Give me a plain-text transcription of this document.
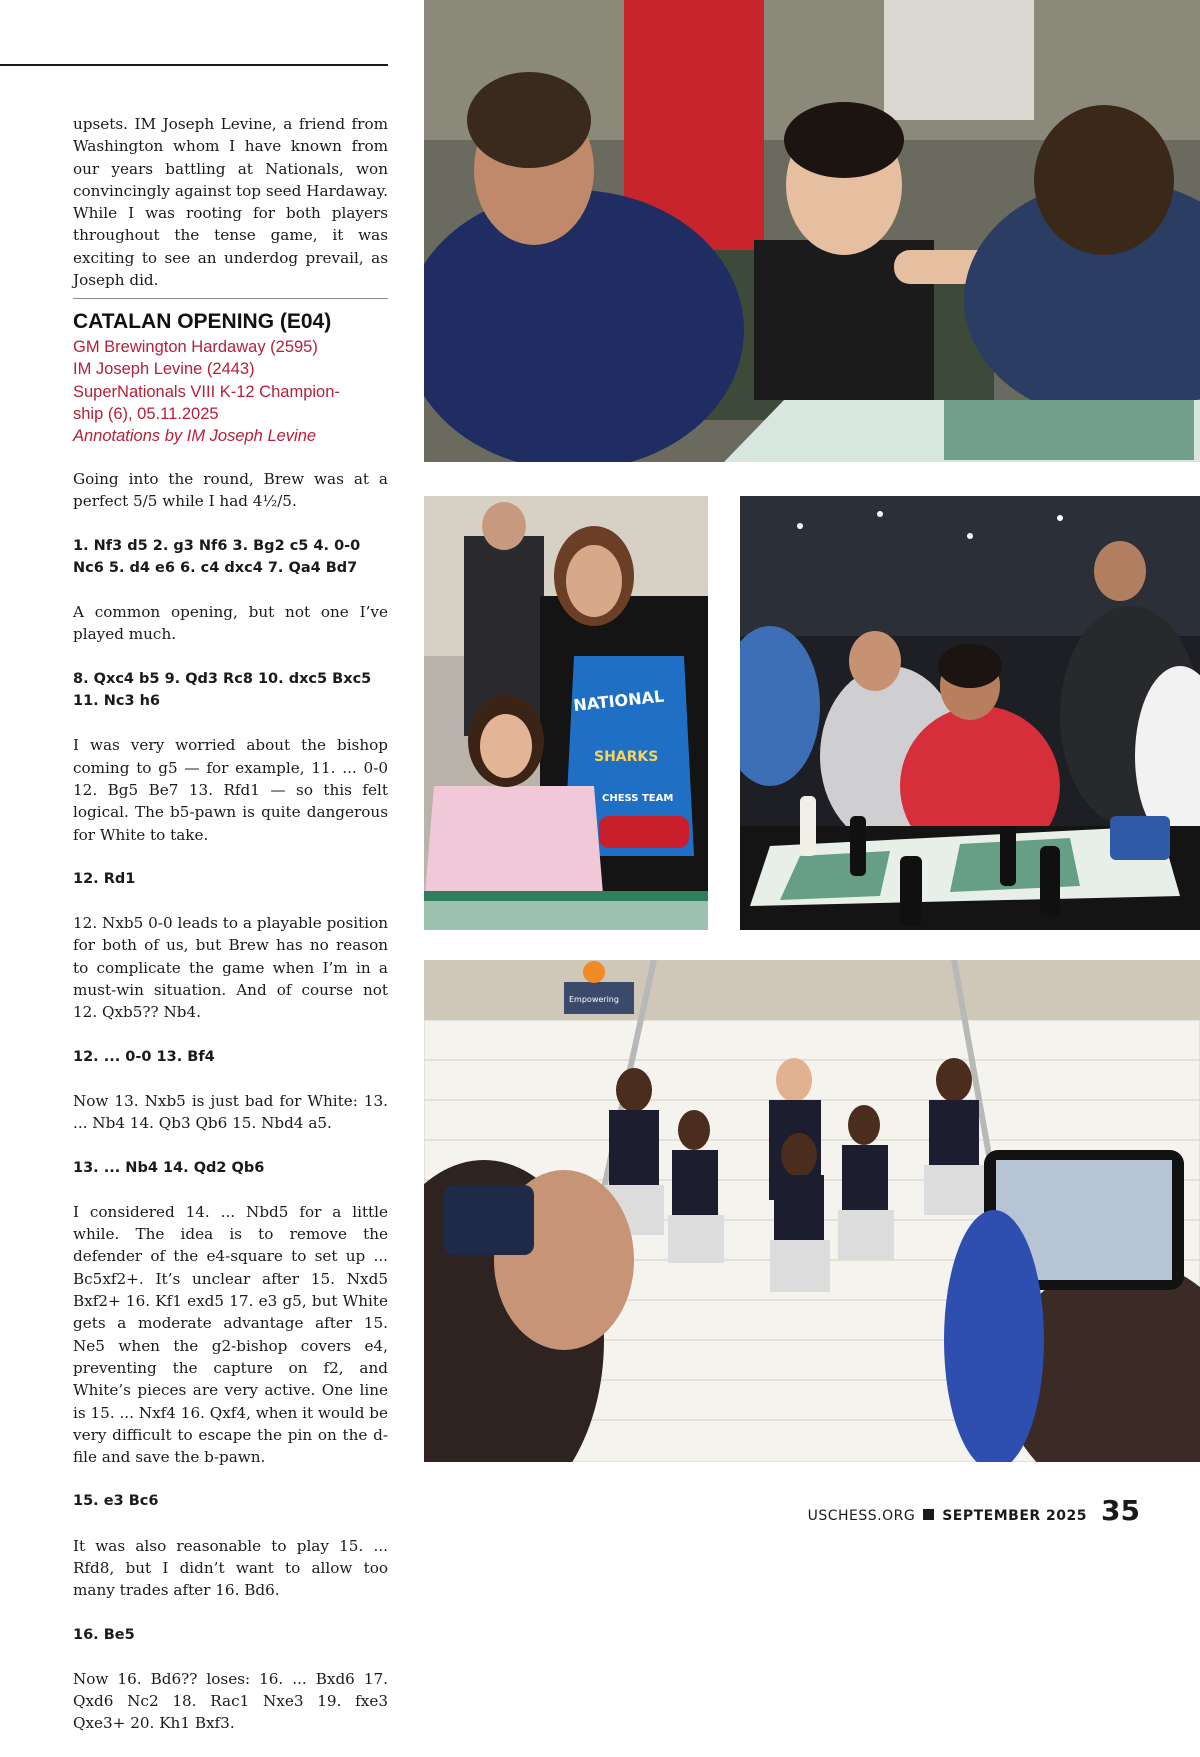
upsets. IM Joseph Levine, a friend from Washington whom I have known from our years battling at Nationals, won convincingly against top seed Hardaway. While I was rooting for both players throughout the tense game, it was exciting to see an underdog prevail, as Joseph did.

CATALAN OPENING (E04)

GM Brewington Hardaway (2595)

IM Joseph Levine (2443)

SuperNationals VIII K-12 Champion-

ship (6), 05.11.2025

Annotations by IM Joseph Levine

Going into the round, Brew was at a perfect 5/5 while I had 4½/5.

1. Nf3 d5 2. g3 Nf6 3. Bg2 c5 4. 0-0 Nc6 5. d4 e6 6. c4 dxc4 7. Qa4 Bd7

A common opening, but not one I’ve played much.

8. Qxc4 b5 9. Qd3 Rc8 10. dxc5 Bxc5 11. Nc3 h6

I was very worried about the bishop coming to g5 — for example, 11. ... 0-0 12. Bg5 Be7 13. Rfd1 — so this felt logical. The b5-pawn is quite dangerous for White to take.

12. Rd1

12. Nxb5 0-0 leads to a playable position for both of us, but Brew has no reason to complicate the game when I’m in a must-win situation. And of course not 12. Qxb5?? Nb4.

12. ... 0-0 13. Bf4

Now 13. Nxb5 is just bad for White: 13. ... Nb4 14. Qb3 Qb6 15. Nbd4 a5.

13. ... Nb4 14. Qd2 Qb6

I considered 14. ... Nbd5 for a little while. The idea is to remove the defender of the e4-square to set up ... Bc5xf2+. It’s unclear after 15. Nxd5 Bxf2+ 16. Kf1 exd5 17. e3 g5, but White gets a moderate advantage after 15. Ne5 when the g2-bishop covers e4, preventing the capture on f2, and White’s pieces are very active. One line is 15. ... Nxf4 16. Qxf4, when it would be very difficult to escape the pin on the d-file and save the b-pawn.

15. e3 Bc6

It was also reasonable to play 15. ... Rfd8, but I didn’t want to allow too many trades after 16. Bd6.

16. Be5

Now 16. Bd6?? loses: 16. ... Bxd6 17. Qxd6 Nc2 18. Rac1 Nxe3 19. fxe3 Qxe3+ 20. Kh1 Bxf3.

NATIONAL
SHARKS
CHESS TEAM
Empowering
USCHESS.ORG SEPTEMBER 2025 35
